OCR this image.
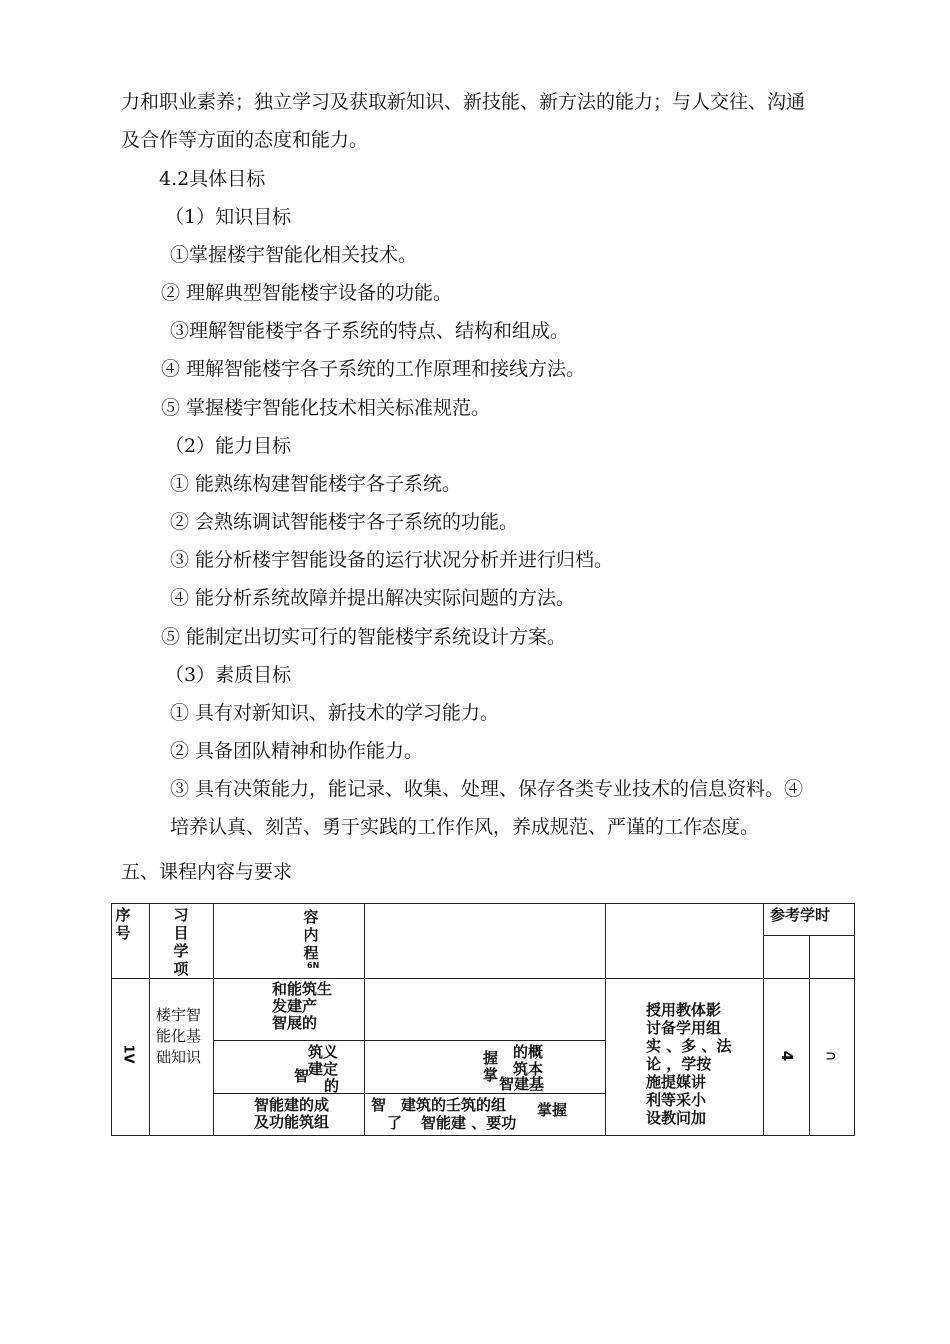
力和职业素养；独立学习及获取新知识、新技能、新方法的能力；与人交往、沟通
及合作等方面的态度和能力。
4.2具体目标
（1）知识目标
①掌握楼宇智能化相关技术。
② 理解典型智能楼宇设备的功能。
③理解智能楼宇各子系统的特点、结构和组成。
④ 理解智能楼宇各子系统的工作原理和接线方法。
⑤ 掌握楼宇智能化技术相关标准规范。
（2）能力目标
① 能熟练构建智能楼宇各子系统。
② 会熟练调试智能楼宇各子系统的功能。
③ 能分析楼宇智能设备的运行状况分析并进行归档。
④ 能分析系统故障并提出解决实际问题的方法。
⑤ 能制定出切实可行的智能楼宇系统设计方案。
（3）素质目标
① 具有对新知识、新技术的学习能力。
② 具备团队精神和协作能力。
③ 具有决策能力，能记录、收集、处理、保存各类专业技术的信息资料。④
培养认真、刻苦、勇于实践的工作作风，养成规范、严谨的工作态度。
五、课程内容与要求
序号
习目学项
容内程
6N
参考学时
1V
楼宇智能化基础知识
和能筑生
发建产
智展的
筑义
建定
智
的
智能建的成
及功能筑组
握 的概
掌 筑本
智建基
智 建筑的壬筑的组
了 智能建 、要功
掌握
授用教体影
讨备学用组
实 、多 、法
论 ，学按
施提媒讲
利等采小
设教问加
4 ∩
